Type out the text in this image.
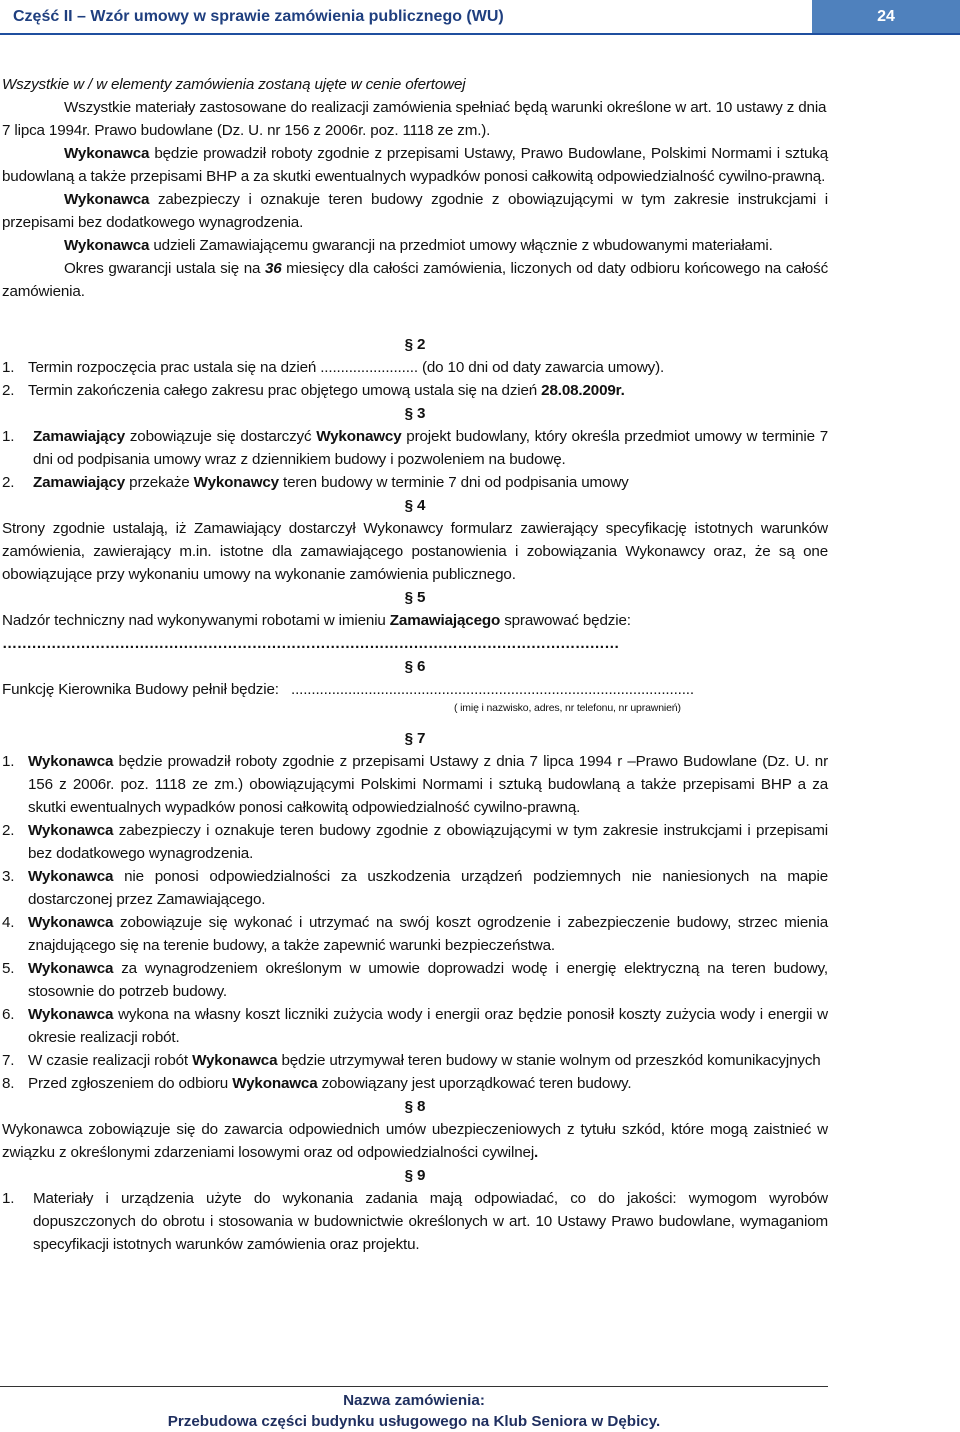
Część II – Wzór umowy w sprawie zamówienia publicznego (WU)	24

Wszystkie w / w elementy zamówienia zostaną ujęte w cenie ofertowej

Wszystkie materiały zastosowane do realizacji zamówienia spełniać będą warunki określone w art. 10 ustawy z dnia 7 lipca 1994r. Prawo budowlane (Dz. U. nr 156 z 2006r. poz. 1118 ze zm.).

Wykonawca będzie prowadził roboty zgodnie z przepisami Ustawy, Prawo Budowlane, Polskimi Normami i sztuką budowlaną a także przepisami BHP a za skutki ewentualnych wypadków ponosi całkowitą odpowiedzialność cywilno-prawną.

Wykonawca zabezpieczy i oznakuje teren budowy zgodnie z obowiązującymi w tym zakresie instrukcjami i przepisami bez dodatkowego wynagrodzenia.

Wykonawca udzieli Zamawiającemu gwarancji na przedmiot umowy włącznie z wbudowanymi materiałami.

Okres gwarancji ustala się na 36 miesięcy dla całości zamówienia, liczonych od daty odbioru końcowego na całość zamówienia.

§ 2
1. Termin rozpoczęcia prac ustala się na dzień ........................ (do 10 dni od daty zawarcia umowy).
2. Termin zakończenia całego zakresu prac objętego umową ustala się na dzień 28.08.2009r.
§ 3
1.	Zamawiający zobowiązuje się dostarczyć Wykonawcy projekt budowlany, który określa przedmiot umowy w terminie 7 dni od podpisania umowy wraz z dziennikiem budowy i pozwoleniem na budowę.
2.	Zamawiający przekaże Wykonawcy teren budowy w terminie 7 dni od podpisania umowy
§ 4

Strony zgodnie ustalają, iż Zamawiający dostarczył Wykonawcy formularz zawierający specyfikację istotnych warunków zamówienia, zawierający m.in. istotne dla zamawiającego postanowienia i zobowiązania Wykonawcy oraz, że są one obowiązujące przy wykonaniu umowy na wykonanie zamówienia publicznego.

§ 5

Nadzór techniczny nad wykonywanymi robotami w imieniu Zamawiającego sprawować będzie:

………………………………………………………………………………………………………………
§ 6

Funkcję Kierownika Budowy pełnił będzie:   ...................................................................................................

( imię i nazwisko, adres, nr telefonu, nr uprawnień)
§ 7
1. Wykonawca będzie prowadził roboty zgodnie z przepisami Ustawy z dnia 7 lipca 1994 r –Prawo Budowlane (Dz. U. nr 156 z 2006r. poz. 1118 ze zm.) obowiązującymi Polskimi Normami i sztuką budowlaną a także przepisami BHP a za skutki ewentualnych wypadków ponosi całkowitą odpowiedzialność cywilno-prawną.
2. Wykonawca zabezpieczy i oznakuje teren budowy zgodnie z obowiązującymi w tym zakresie instrukcjami i przepisami bez dodatkowego wynagrodzenia.
3. Wykonawca nie ponosi odpowiedzialności za uszkodzenia urządzeń podziemnych nie naniesionych na mapie dostarczonej przez Zamawiającego.
4. Wykonawca zobowiązuje się wykonać i utrzymać na swój koszt ogrodzenie i zabezpieczenie budowy, strzec mienia znajdującego się na terenie budowy, a także zapewnić warunki bezpieczeństwa.
5. Wykonawca za wynagrodzeniem określonym w umowie doprowadzi wodę i energię elektryczną na teren budowy, stosownie do potrzeb budowy.
6. Wykonawca wykona na własny koszt liczniki zużycia wody i energii oraz będzie ponosił koszty zużycia wody i energii w okresie realizacji robót.
7. W czasie realizacji robót Wykonawca będzie utrzymywał teren budowy w stanie wolnym od przeszkód komunikacyjnych
8. Przed zgłoszeniem do odbioru Wykonawca zobowiązany jest uporządkować teren budowy.
§ 8

Wykonawca zobowiązuje się do zawarcia odpowiednich umów ubezpieczeniowych z tytułu szkód, które mogą zaistnieć w związku z określonymi zdarzeniami losowymi oraz od odpowiedzialności cywilnej.

§ 9
1.	Materiały i urządzenia użyte do wykonania zadania mają odpowiadać, co do jakości: wymogom wyrobów dopuszczonych do obrotu i stosowania w budownictwie określonych w art. 10 Ustawy Prawo budowlane, wymaganiom specyfikacji istotnych warunków zamówienia oraz projektu.
Nazwa zamówienia:
Przebudowa części budynku usługowego na Klub Seniora w Dębicy.
